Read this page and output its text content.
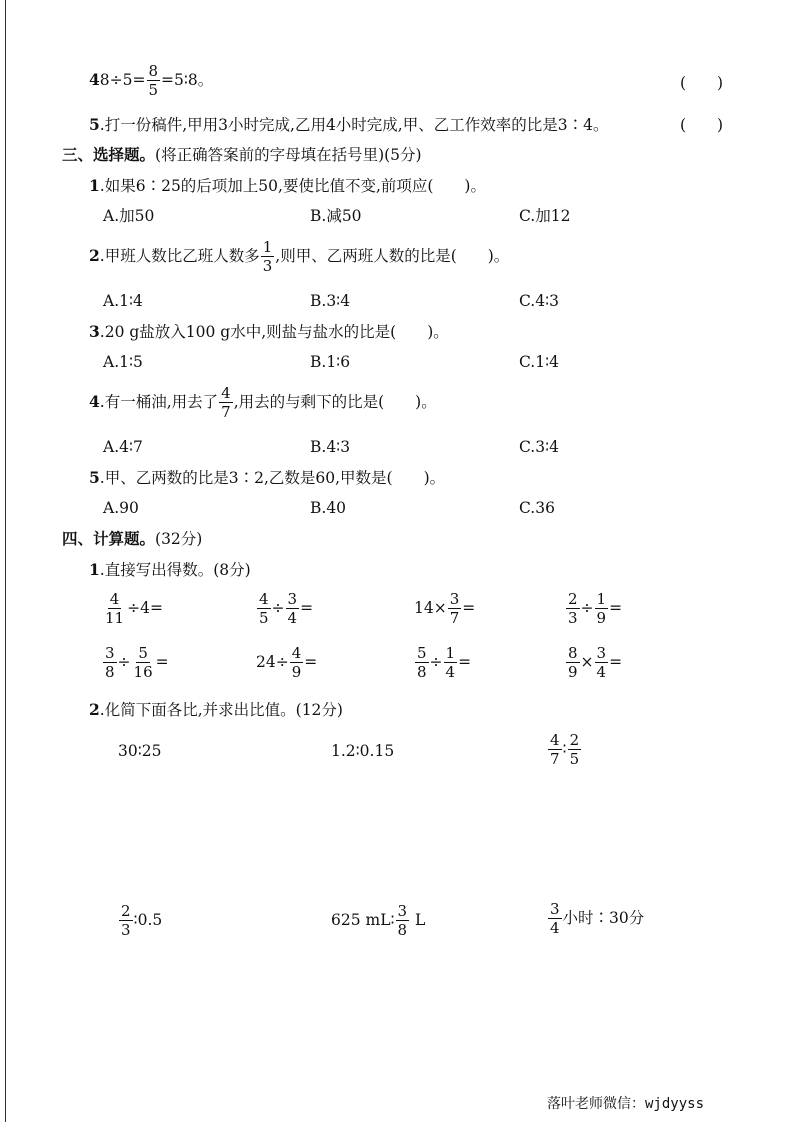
$48\div 5= \frac{8}{5}$ =5∶8。	(　　)
5.打一份稿件,甲用3小时完成,乙用4小时完成,甲、乙工作效率的比是3∶4。	(　　)
三、选择题。(将正确答案前的字母填在括号里)(5分)
1.如果6∶25的后项加上50,要使比值不变,前项应(　　)。
A.加50	B.减50	C.加12
2.甲班人数比乙班人数多 $\frac{1}{3}$ ,则甲、乙两班人数的比是(　　)。
A.1∶4	B.3∶4	C.4∶3
3.20 g盐放入100 g水中,则盐与盐水的比是(　　)。
A.1∶5	B.1∶6	C.1∶4
4.有一桶油,用去了 $\frac{4}{7}$ ,用去的与剩下的比是(　　)。
A.4∶7	B.4∶3	C.3∶4
5.甲、乙两数的比是3∶2,乙数是60,甲数是(　　)。
A.90	B.40	C.36
四、计算题。(32分)
1.直接写出得数。(8分)
$\frac{4}{11} \div 4=$	$\frac{4}{5} \div \frac{3}{4}$ =	$14\times \frac{3}{7}$ =	$\frac{2}{3} \div \frac{1}{9}$ =
$\frac{3}{8} \div \frac{5}{16}$ =	$24\div \frac{4}{9}$ =	$\frac{5}{8} \div \frac{1}{4}$ =	$\frac{8}{9} \times \frac{3}{4}$ =
2.化简下面各比,并求出比值。(12分)
30∶25	1.2∶0.15	$\frac{4}{7}$ ∶ $\frac{2}{5}$
$\frac{2}{3}$ ∶0.5	625 mL∶ $\frac{3}{8}$ L	$\frac{3}{4}$ 小时∶30分
落叶老师微信：wjdyyss
